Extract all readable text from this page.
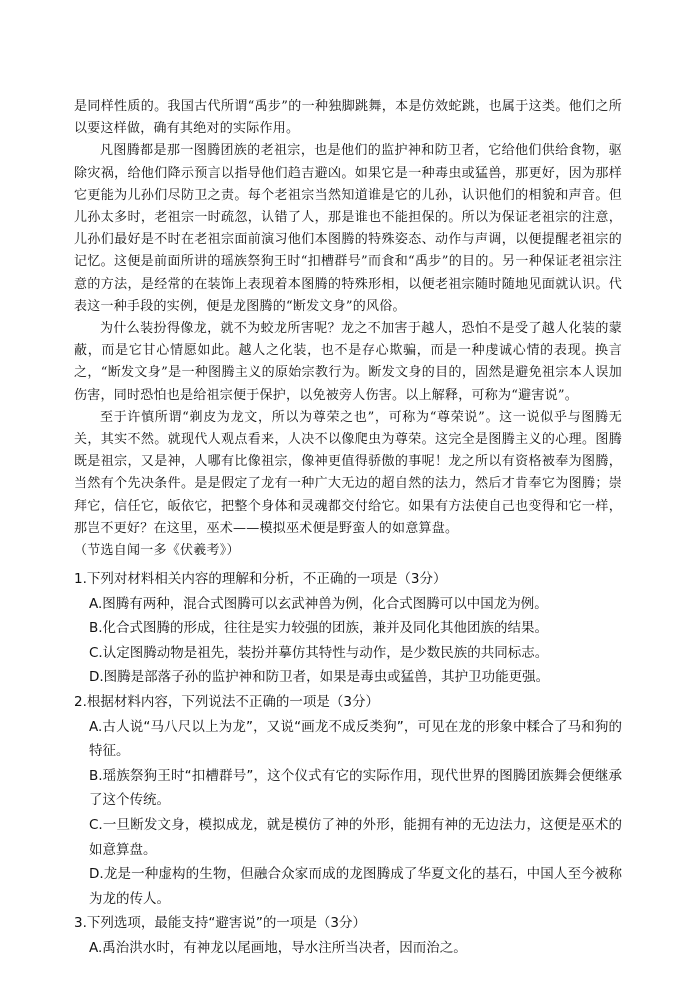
是同样性质的。我国古代所谓“禹步”的一种独脚跳舞，本是仿效蛇跳，也属于这类。他们之所以要这样做，确有其绝对的实际作用。

凡图腾都是那一图腾团族的老祖宗，也是他们的监护神和防卫者，它给他们供给食物，驱除灾祸，给他们降示预言以指导他们趋吉避凶。如果它是一种毒虫或猛兽，那更好，因为那样它更能为儿孙们尽防卫之责。每个老祖宗当然知道谁是它的儿孙，认识他们的相貌和声音。但儿孙太多时，老祖宗一时疏忽，认错了人，那是谁也不能担保的。所以为保证老祖宗的注意，儿孙们最好是不时在老祖宗面前演习他们本图腾的特殊姿态、动作与声调，以便提醒老祖宗的记忆。这便是前面所讲的瑶族祭狗王时“扣槽群号”而食和“禹步”的目的。另一种保证老祖宗注意的方法，是经常的在装饰上表现着本图腾的特殊形相，以便老祖宗随时随地见面就认识。代表这一种手段的实例，便是龙图腾的“断发文身”的风俗。

为什么装扮得像龙，就不为蛟龙所害呢？龙之不加害于越人，恐怕不是受了越人化装的蒙蔽，而是它甘心情愿如此。越人之化装，也不是存心欺骗，而是一种虔诚心情的表现。换言之，“断发文身”是一种图腾主义的原始宗教行为。断发文身的目的，固然是避免祖宗本人误加伤害，同时恐怕也是给祖宗便于保护，以免被旁人伤害。以上解释，可称为“避害说”。

至于许慎所谓“剃皮为龙文，所以为尊荣之也”，可称为“尊荣说”。这一说似乎与图腾无关，其实不然。就现代人观点看来，人决不以像爬虫为尊荣。这完全是图腾主义的心理。图腾既是祖宗，又是神，人哪有比像祖宗，像神更值得骄傲的事呢！龙之所以有资格被奉为图腾，当然有个先决条件。是是假定了龙有一种广大无边的超自然的法力，然后才肯奉它为图腾；崇拜它，信任它，皈依它，把整个身体和灵魂都交付给它。如果有方法使自己也变得和它一样，那岂不更好？在这里，巫术——模拟巫术便是野蛮人的如意算盘。

（节选自闻一多《伏羲考》）

1.下列对材料相关内容的理解和分析，不正确的一项是（3分）

A.图腾有两种，混合式图腾可以玄武神兽为例，化合式图腾可以中国龙为例。

B.化合式图腾的形成，往往是实力较强的团族，兼并及同化其他团族的结果。

C.认定图腾动物是祖先，装扮并摹仿其特性与动作，是少数民族的共同标志。

D.图腾是部落子孙的监护神和防卫者，如果是毒虫或猛兽，其护卫功能更强。

2.根据材料内容，下列说法不正确的一项是（3分）

A.古人说“马八尺以上为龙”，又说“画龙不成反类狗”，可见在龙的形象中糅合了马和狗的特征。

B.瑶族祭狗王时“扣槽群号”，这个仪式有它的实际作用，现代世界的图腾团族舞会便继承了这个传统。

C.一旦断发文身，模拟成龙，就是模仿了神的外形，能拥有神的无边法力，这便是巫术的如意算盘。

D.龙是一种虚构的生物，但融合众家而成的龙图腾成了华夏文化的基石，中国人至今被称为龙的传人。

3.下列选项，最能支持“避害说”的一项是（3分）

A.禹治洪水时，有神龙以尾画地，导水注所当决者，因而治之。
